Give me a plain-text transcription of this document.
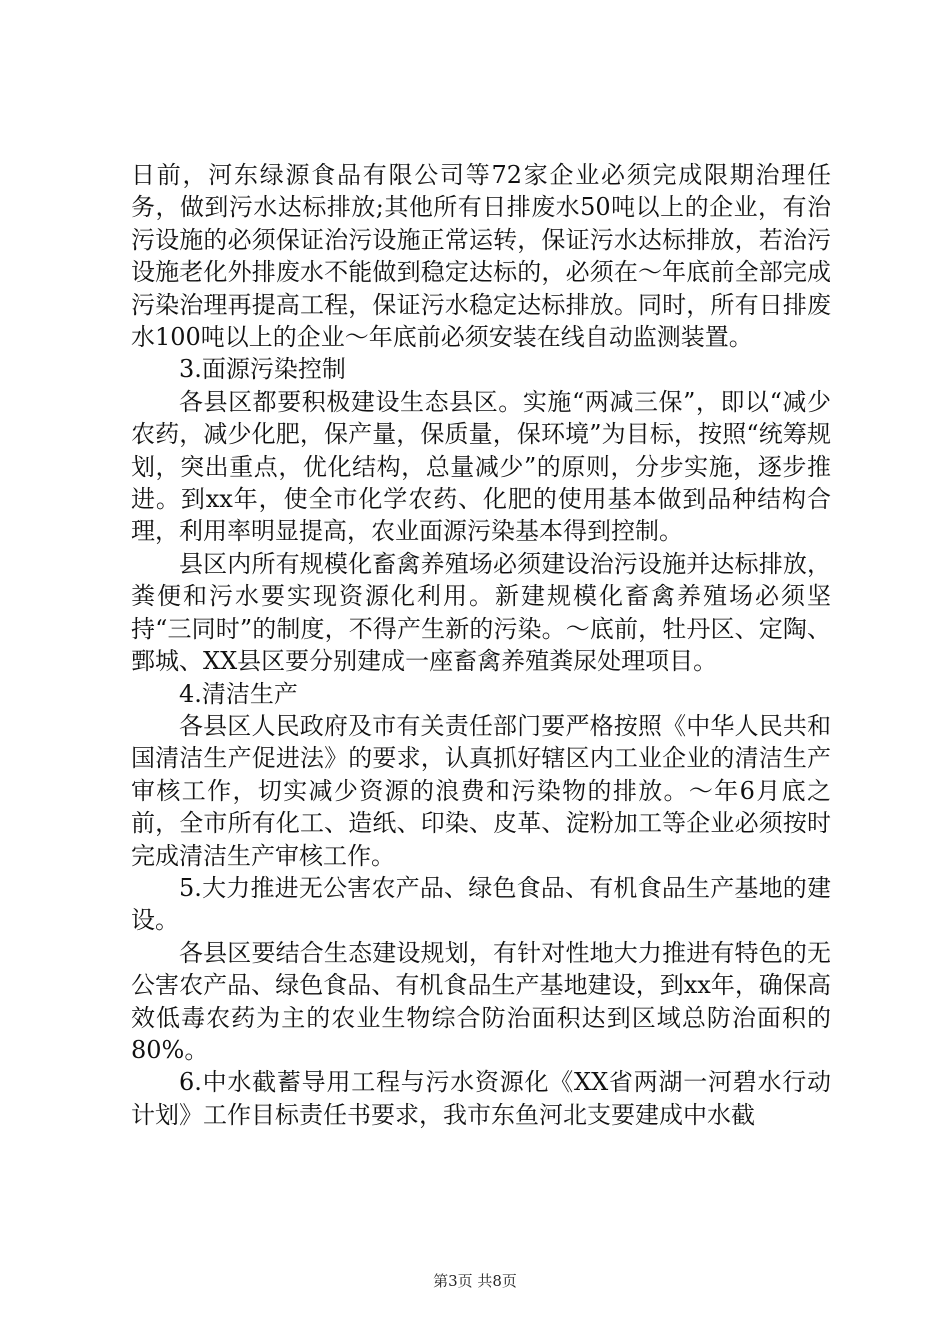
日前，河东绿源食品有限公司等72家企业必须完成限期治理任务，做到污水达标排放;其他所有日排废水50吨以上的企业，有治污设施的必须保证治污设施正常运转，保证污水达标排放，若治污设施老化外排废水不能做到稳定达标的，必须在～年底前全部完成污染治理再提高工程，保证污水稳定达标排放。同时，所有日排废水100吨以上的企业～年底前必须安装在线自动监测装置。

3.面源污染控制

各县区都要积极建设生态县区。实施“两减三保”，即以“减少农药，减少化肥，保产量，保质量，保环境”为目标，按照“统筹规划，突出重点，优化结构，总量减少”的原则，分步实施，逐步推进。到xx年，使全市化学农药、化肥的使用基本做到品种结构合理，利用率明显提高，农业面源污染基本得到控制。

县区内所有规模化畜禽养殖场必须建设治污设施并达标排放，粪便和污水要实现资源化利用。新建规模化畜禽养殖场必须坚持“三同时”的制度，不得产生新的污染。～底前，牡丹区、定陶、鄄城、XX县区要分别建成一座畜禽养殖粪尿处理项目。

4.清洁生产

各县区人民政府及市有关责任部门要严格按照《中华人民共和国清洁生产促进法》的要求，认真抓好辖区内工业企业的清洁生产审核工作，切实减少资源的浪费和污染物的排放。～年6月底之前，全市所有化工、造纸、印染、皮革、淀粉加工等企业必须按时完成清洁生产审核工作。

5.大力推进无公害农产品、绿色食品、有机食品生产基地的建设。

各县区要结合生态建设规划，有针对性地大力推进有特色的无公害农产品、绿色食品、有机食品生产基地建设，到xx年，确保高效低毒农药为主的农业生物综合防治面积达到区域总防治面积的80%。

6.中水截蓄导用工程与污水资源化《XX省两湖一河碧水行动计划》工作目标责任书要求，我市东鱼河北支要建成中水截

第3页 共8页
